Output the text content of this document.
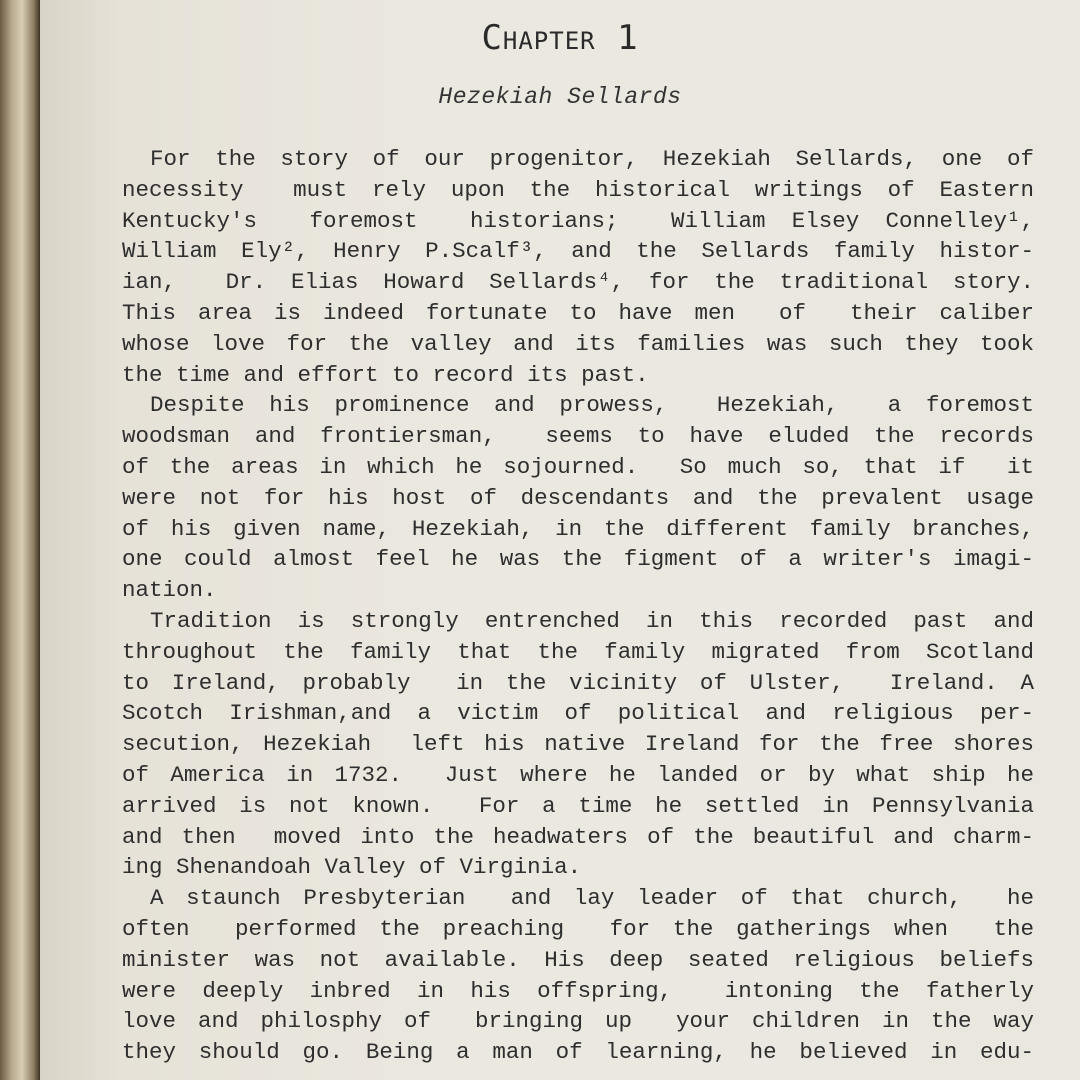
Chapter 1
Hezekiah Sellards
For the story of our progenitor, Hezekiah Sellards, one of
necessity  must rely upon the historical writings of Eastern
Kentucky's  foremost  historians;  William Elsey Connelley¹,
William Ely², Henry P.Scalf³, and the Sellards family histor-
ian,  Dr. Elias Howard Sellards⁴, for the traditional story.
This area is indeed fortunate to have men  of  their caliber
whose love for the valley and its families was such they took
the time and effort to record its past.
Despite his prominence and prowess,  Hezekiah,  a foremost
woodsman and frontiersman,  seems to have eluded the records
of the areas in which he sojourned.  So much so, that if  it
were not for his host of descendants and the prevalent usage
of his given name, Hezekiah, in the different family branches,
one could almost feel he was the figment of a writer's imagi-
nation.
Tradition is strongly entrenched in this recorded past and
throughout the family that the family migrated from Scotland
to Ireland, probably  in the vicinity of Ulster,  Ireland. A
Scotch Irishman,and a victim of political and religious per-
secution, Hezekiah  left his native Ireland for the free shores
of America in 1732.  Just where he landed or by what ship he
arrived is not known.  For a time he settled in Pennsylvania
and then  moved into the headwaters of the beautiful and charm-
ing Shenandoah Valley of Virginia.
A staunch Presbyterian  and lay leader of that church,  he
often  performed the preaching  for the gatherings when  the
minister was not available. His deep seated religious beliefs
were deeply inbred in his offspring,  intoning the fatherly
love and philosphy of  bringing up  your children in the way
they should go. Being a man of learning, he believed in edu-
